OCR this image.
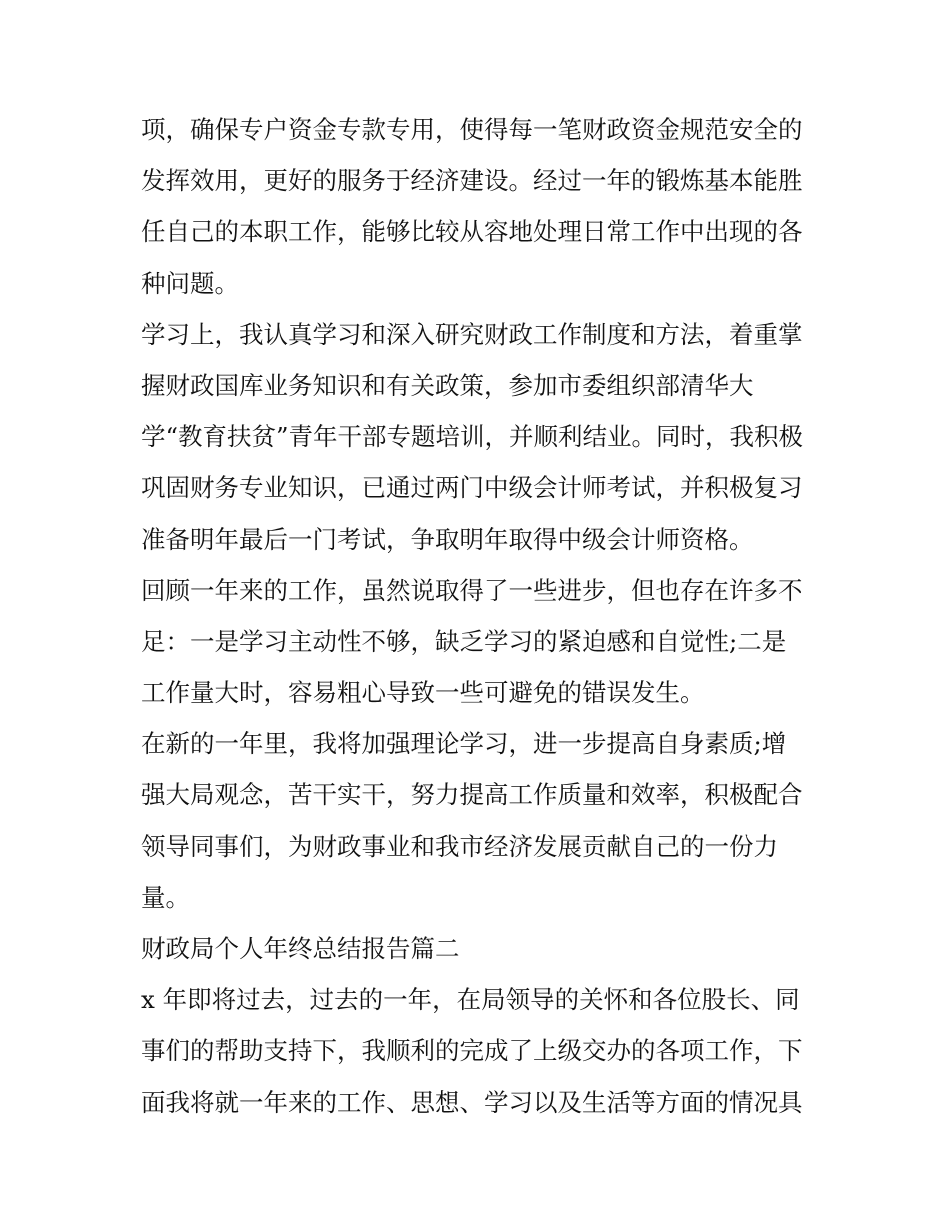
项，确保专户资金专款专用，使得每一笔财政资金规范安全的
发挥效用，更好的服务于经济建设。经过一年的锻炼基本能胜
任自己的本职工作，能够比较从容地处理日常工作中出现的各
种问题。
学习上，我认真学习和深入研究财政工作制度和方法，着重掌
握财政国库业务知识和有关政策，参加市委组织部清华大
学“教育扶贫”青年干部专题培训，并顺利结业。同时，我积极
巩固财务专业知识，已通过两门中级会计师考试，并积极复习
准备明年最后一门考试，争取明年取得中级会计师资格。
回顾一年来的工作，虽然说取得了一些进步，但也存在许多不
足：一是学习主动性不够，缺乏学习的紧迫感和自觉性;二是
工作量大时，容易粗心导致一些可避免的错误发生。
在新的一年里，我将加强理论学习，进一步提高自身素质;增
强大局观念，苦干实干，努力提高工作质量和效率，积极配合
领导同事们，为财政事业和我市经济发展贡献自己的一份力
量。
财政局个人年终总结报告篇二
x 年即将过去，过去的一年，在局领导的关怀和各位股长、同
事们的帮助支持下，我顺利的完成了上级交办的各项工作，下
面我将就一年来的工作、思想、学习以及生活等方面的情况具
